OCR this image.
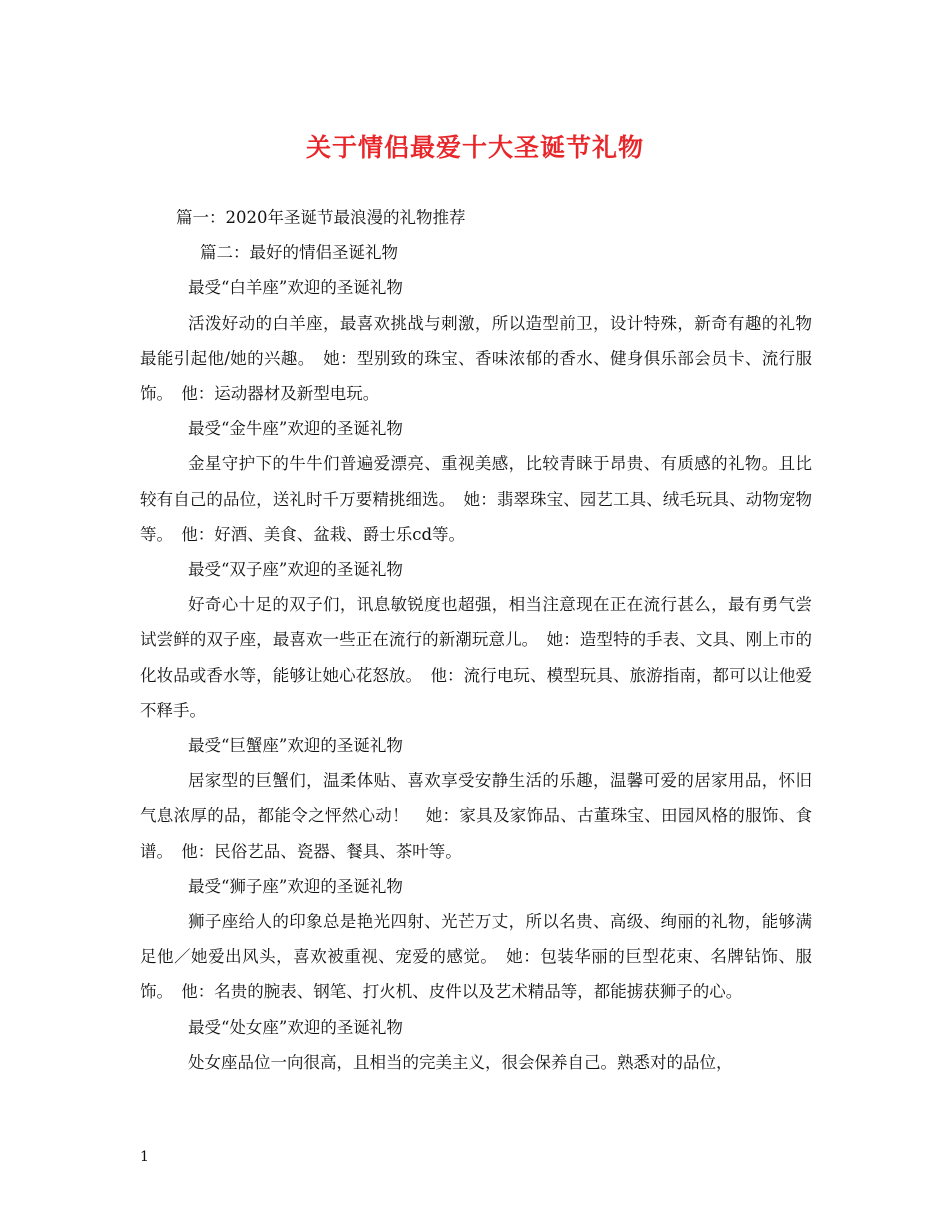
关于情侣最爱十大圣诞节礼物

篇一：2020年圣诞节最浪漫的礼物推荐

篇二：最好的情侣圣诞礼物

最受“白羊座”欢迎的圣诞礼物

活泼好动的白羊座，最喜欢挑战与刺激，所以造型前卫，设计特殊，新奇有趣的礼物最能引起他/她的兴趣。　她：型别致的珠宝、香味浓郁的香水、健身俱乐部会员卡、流行服饰。　他：运动器材及新型电玩。

最受“金牛座”欢迎的圣诞礼物

金星守护下的牛牛们普遍爱漂亮、重视美感，比较青睐于昂贵、有质感的礼物。且比较有自己的品位，送礼时千万要精挑细选。　她：翡翠珠宝、园艺工具、绒毛玩具、动物宠物等。　他：好酒、美食、盆栽、爵士乐cd等。

最受“双子座”欢迎的圣诞礼物

好奇心十足的双子们，讯息敏锐度也超强，相当注意现在正在流行甚么，最有勇气尝试尝鲜的双子座，最喜欢一些正在流行的新潮玩意儿。　她：造型特的手表、文具、刚上市的化妆品或香水等，能够让她心花怒放。　他：流行电玩、模型玩具、旅游指南，都可以让他爱不释手。

最受“巨蟹座”欢迎的圣诞礼物

居家型的巨蟹们，温柔体贴、喜欢享受安静生活的乐趣，温馨可爱的居家用品，怀旧气息浓厚的品，都能令之怦然心动！　她：家具及家饰品、古董珠宝、田园风格的服饰、食谱。　他：民俗艺品、瓷器、餐具、茶叶等。

最受“狮子座”欢迎的圣诞礼物

狮子座给人的印象总是艳光四射、光芒万丈，所以名贵、高级、绚丽的礼物，能够满足他／她爱出风头，喜欢被重视、宠爱的感觉。　她：包装华丽的巨型花束、名牌钻饰、服饰。　他：名贵的腕表、钢笔、打火机、皮件以及艺术精品等，都能掳获狮子的心。

最受“处女座”欢迎的圣诞礼物

处女座品位一向很高，且相当的完美主义，很会保养自己。熟悉对的品位，

1
